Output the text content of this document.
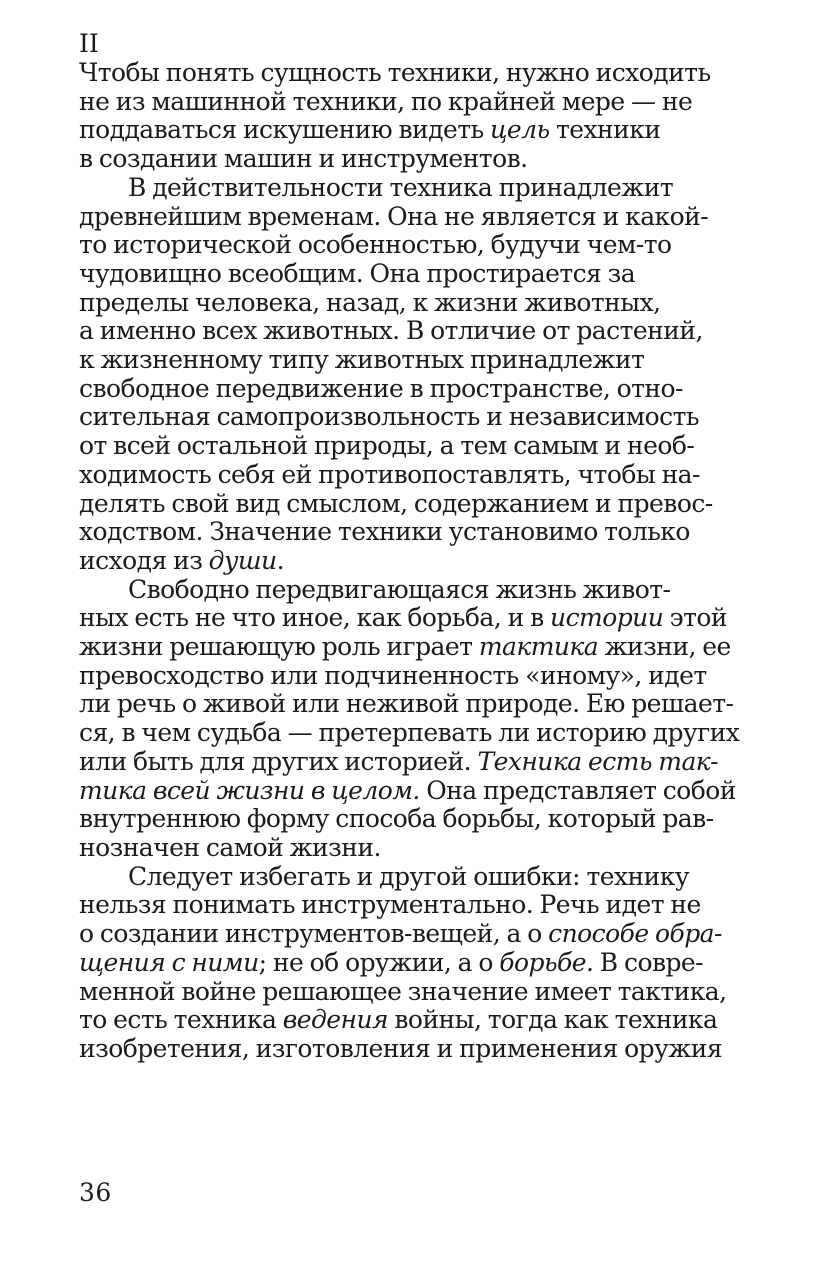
II

Чтобы понять сущность техники, нужно исходить
не из машинной техники, по крайней мере — не
поддаваться искушению видеть цель техники
в создании машин и инструментов.

В действительности техника принадлежит
древнейшим временам. Она не является и какой-
то исторической особенностью, будучи чем-то
чудовищно всеобщим. Она простирается за
пределы человека, назад, к жизни животных,
а именно всех животных. В отличие от растений,
к жизненному типу животных принадлежит
свободное передвижение в пространстве, отно-
сительная самопроизвольность и независимость
от всей остальной природы, а тем самым и необ-
ходимость себя ей противопоставлять, чтобы на-
делять свой вид смыслом, содержанием и превос-
ходством. Значение техники установимо только
исходя из души.

Свободно передвигающаяся жизнь живот-
ных есть не что иное, как борьба, и в истории этой
жизни решающую роль играет тактика жизни, ее
превосходство или подчиненность «иному», идет
ли речь о живой или неживой природе. Ею решает-
ся, в чем судьба — претерпевать ли историю других
или быть для других историей. Техника есть так-
тика всей жизни в целом. Она представляет собой
внутреннюю форму способа борьбы, который рав-
нозначен самой жизни.

Следует избегать и другой ошибки: технику
нельзя понимать инструментально. Речь идет не
о создании инструментов-вещей, а о способе обра-
щения с ними; не об оружии, а о борьбе. В совре-
менной войне решающее значение имеет тактика,
то есть техника ведения войны, тогда как техника
изобретения, изготовления и применения оружия

36
